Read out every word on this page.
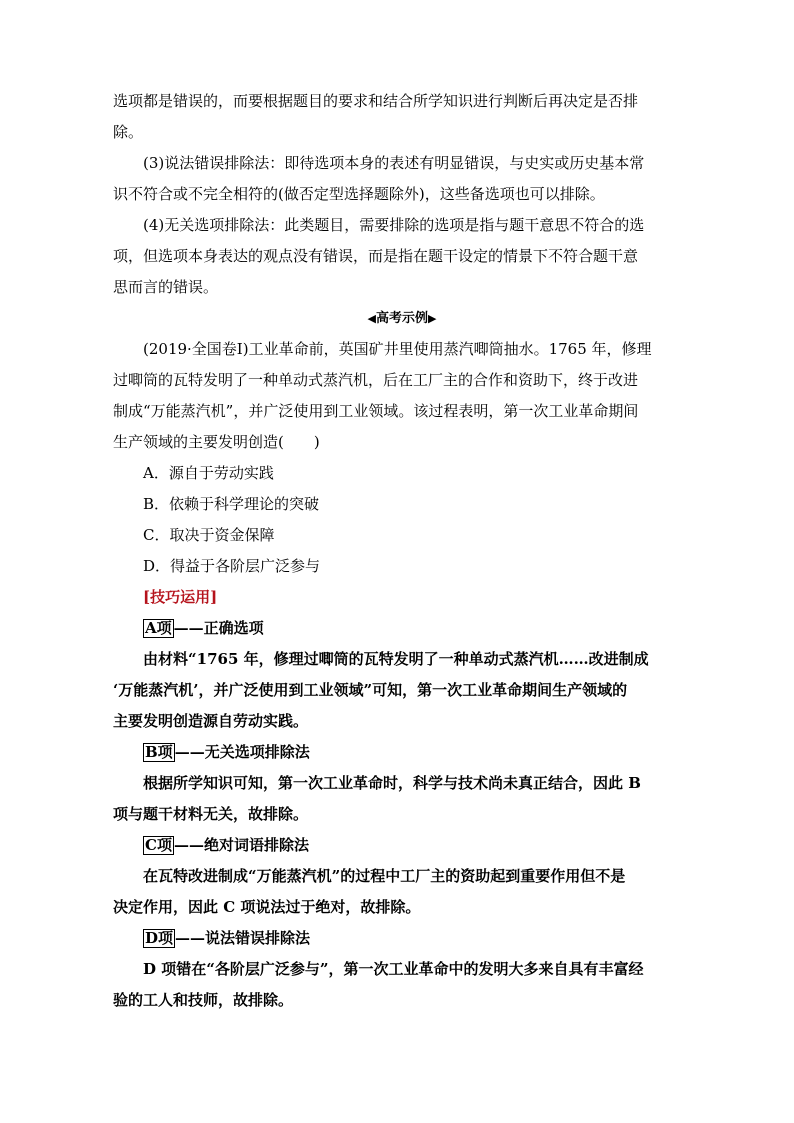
选项都是错误的，而要根据题目的要求和结合所学知识进行判断后再决定是否排
除。
(3)说法错误排除法：即待选项本身的表述有明显错误，与史实或历史基本常
识不符合或不完全相符的(做否定型选择题除外)，这些备选项也可以排除。
(4)无关选项排除法：此类题目，需要排除的选项是指与题干意思不符合的选
项，但选项本身表达的观点没有错误，而是指在题干设定的情景下不符合题干意
思而言的错误。
◀高考示例▶
(2019·全国卷Ⅰ)工业革命前，英国矿井里使用蒸汽唧筒抽水。1765 年，修理
过唧筒的瓦特发明了一种单动式蒸汽机，后在工厂主的合作和资助下，终于改进
制成“万能蒸汽机”，并广泛使用到工业领域。该过程表明，第一次工业革命期间
生产领域的主要发明创造(　　)
A．源自于劳动实践
B．依赖于科学理论的突破
C．取决于资金保障
D．得益于各阶层广泛参与
[技巧运用]
A项 ——正确选项
由材料“1765 年，修理过唧筒的瓦特发明了一种单动式蒸汽机……改进制成
‘万能蒸汽机’，并广泛使用到工业领域”可知，第一次工业革命期间生产领域的
主要发明创造源自劳动实践。
B项 ——无关选项排除法
根据所学知识可知，第一次工业革命时，科学与技术尚未真正结合，因此 B
项与题干材料无关，故排除。
C项 ——绝对词语排除法
在瓦特改进制成“万能蒸汽机”的过程中工厂主的资助起到重要作用但不是
决定作用，因此 C 项说法过于绝对，故排除。
D项 ——说法错误排除法
D 项错在“各阶层广泛参与”，第一次工业革命中的发明大多来自具有丰富经
验的工人和技师，故排除。
